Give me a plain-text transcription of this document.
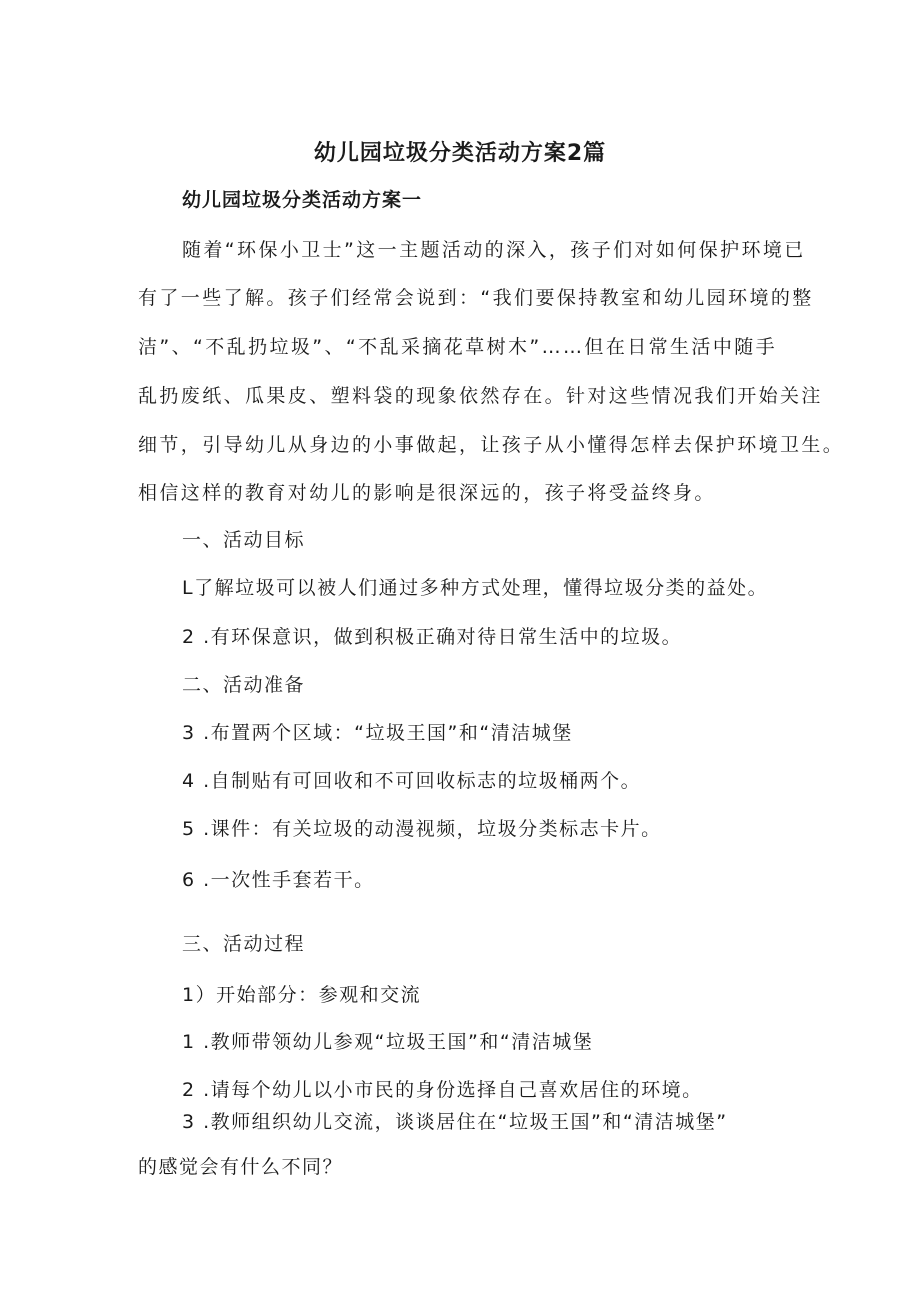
幼儿园垃圾分类活动方案2篇
幼儿园垃圾分类活动方案一
随着“环保小卫士”这一主题活动的深入，孩子们对如何保护环境已
有了一些了解。孩子们经常会说到：“我们要保持教室和幼儿园环境的整
洁”、“不乱扔垃圾”、“不乱采摘花草树木”……但在日常生活中随手
乱扔废纸、瓜果皮、塑料袋的现象依然存在。针对这些情况我们开始关注
细节，引导幼儿从身边的小事做起，让孩子从小懂得怎样去保护环境卫生。
相信这样的教育对幼儿的影响是很深远的，孩子将受益终身。
一、活动目标
L了解垃圾可以被人们通过多种方式处理，懂得垃圾分类的益处。
2 .有环保意识，做到积极正确对待日常生活中的垃圾。
二、活动准备
3 .布置两个区域：“垃圾王国”和“清洁城堡
4 .自制贴有可回收和不可回收标志的垃圾桶两个。
5 .课件：有关垃圾的动漫视频，垃圾分类标志卡片。
6 .一次性手套若干。
三、活动过程
1）开始部分：参观和交流
1 .教师带领幼儿参观“垃圾王国”和“清洁城堡
2 .请每个幼儿以小市民的身份选择自己喜欢居住的环境。
3 .教师组织幼儿交流，谈谈居住在“垃圾王国”和“清洁城堡”
的感觉会有什么不同？
